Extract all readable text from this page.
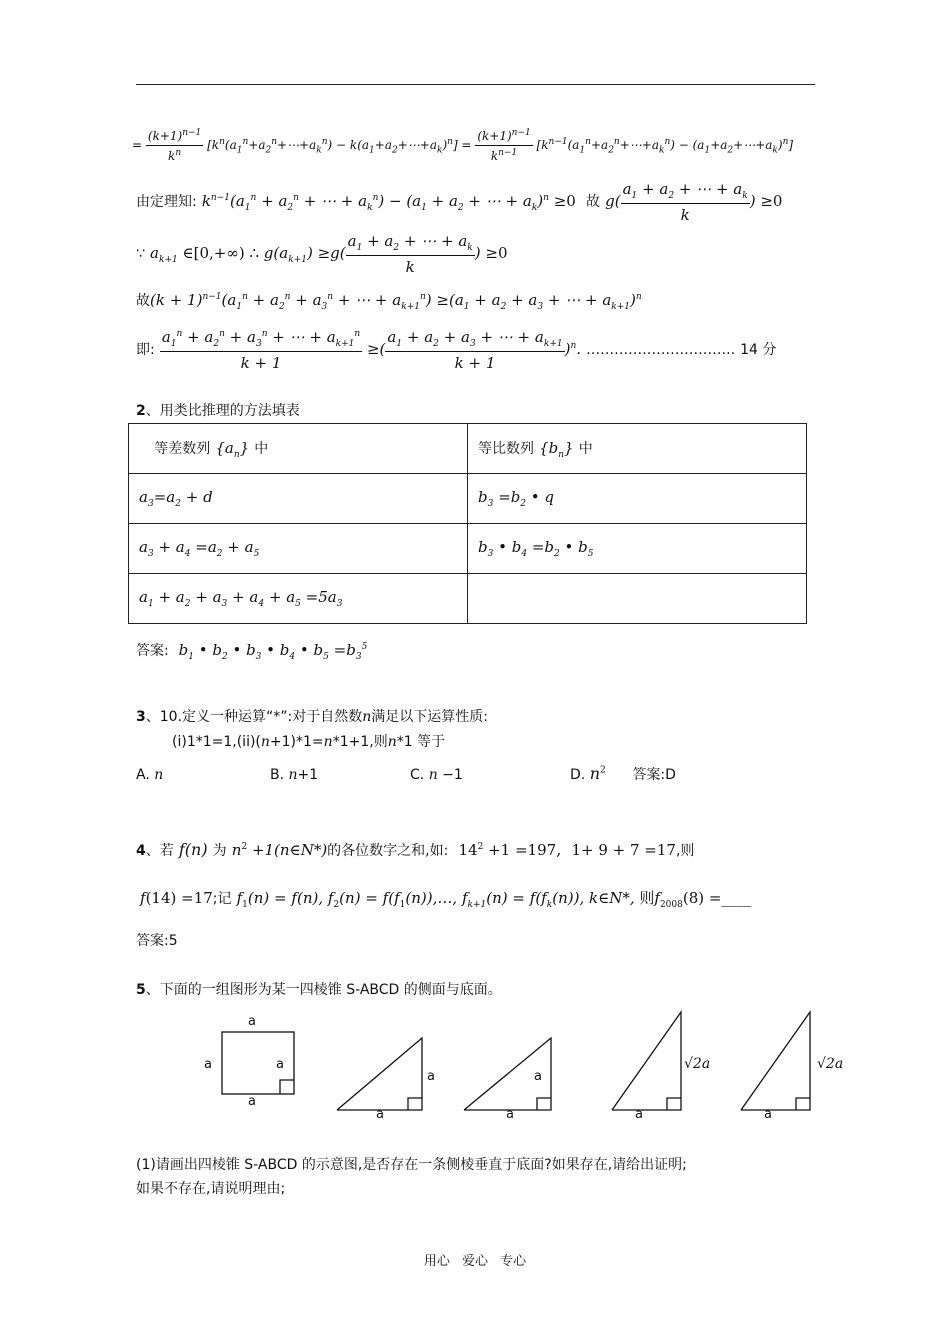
= $\frac{(k+1)^{n-1}}{k^n}$ [$k^n(a_1^n+a_2^n+\cdots+a_k^n)$ − $k(a_1+a_2+\cdots+a_k)^n] = \frac{(k+1)^{n-1}}{k^{n-1}}$ [$k^{n-1}(a_1^n+a_2^n+\cdots+a_k^n)$ − $(a_1+a_2+\cdots+a_k)^n$]
由定理知: $k^{n-1}(a_1^n + a_2^n$ + ⋯ + $a_k^n) - (a_1 + a_2$ + ⋯ + $a_k)^n \ge 0$ 故 $g( \frac{a_1 + a_2 + \cdots + a_k}{k}$ ) ≥0
∵ $a_{k+1}$ ∈[0,+∞) ∴ $g(a_{k+1}) \ge g( \frac{a_1 + a_2 + \cdots + a_k}{k}$ ) ≥0
故$(k + 1)^{n-1}(a_1^n + a_2^n + a_3^n$ + ⋯ + $a_{k+1}^n) \ge(a_1 + a_2 + a_3$ + ⋯ + $a_{k+1})^n$
即: $\frac{a_1^n + a_2^n + a_3^n + \cdots + a_{k+1}^n}{k + 1}$ ≥( $\frac{a_1 + a_2 + a_3 + \cdots + a_{k+1}}{k + 1} )^n$. ………………………….. 14 分
2、用类比推理的方法填表
等差数列 $\{a_n\}$ 中	等比数列 $\{b_n\}$ 中
$a_3=a_2 + d$	$b_3 =b_2$ • q
$a_3 + a_4 =a_2 + a_5$	$b_3$ • $b_4 =b_2$ • $b_5$
$a_1 + a_2 + a_3 + a_4 + a_5 =5a_3$	
答案: $b_1$ • $b_2$ • $b_3$ • $b_4$ • $b_5 =b_3^5$
3、10.定义一种运算“*”:对于自然数n满足以下运算性质:
(i)1*1=1,(ii)(n+1)*1=n*1+1,则n*1 等于
A. n	B. n+1	C. n −1	D. $n^2$ 答案:D
4、若 f(n) 为 $n^2$ +1(n∈N*)的各位数字之和,如: $14^2 +1 =197$,  1+ 9 + 7 =17,则
f(14) =17;记 $f_1(n) = f(n)$, $f_2(n)$ = $f(f_1(n)),\dots$, $f_{k+1}(n) = f(f_k(n))$, k∈N*, 则$f_{2008}(8)$ =____
答案:5
5、下面的一组图形为某一四棱锥 S-ABCD 的侧面与底面。
a
a	a
a
a
a
a
a	a	a
√2a	√2a
(1)请画出四棱锥 S-ABCD 的示意图,是否存在一条侧棱垂直于底面?如果存在,请给出证明;
如果不存在,请说明理由;
用心 爱心 专心
